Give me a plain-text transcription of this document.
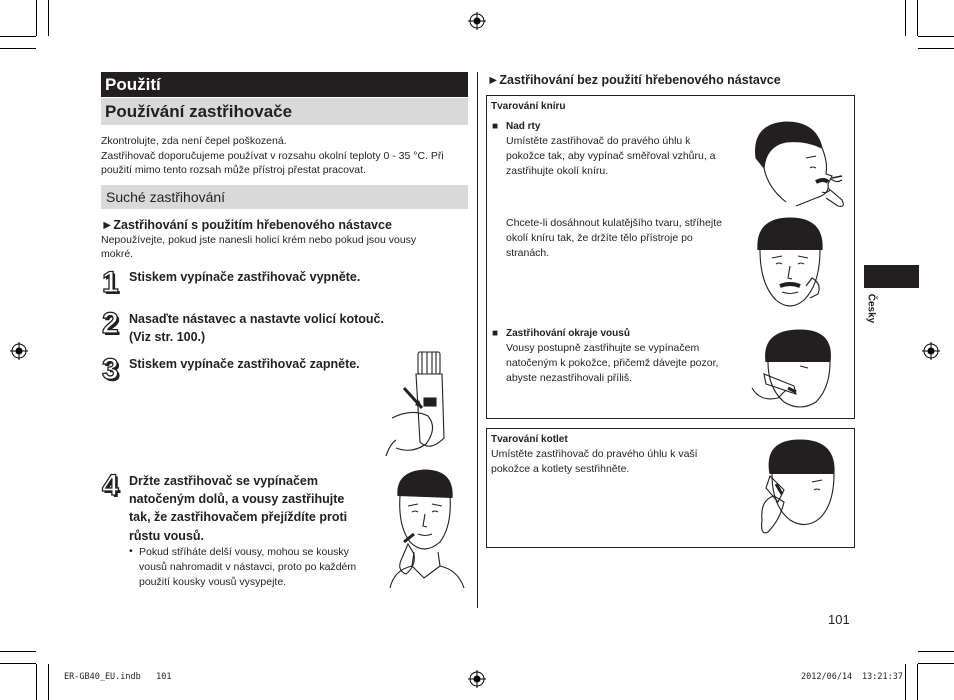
Použití
Používání zastřihovače
Zkontrolujte, zda není čepel poškozená.
Zastřihovač doporučujeme používat v rozsahu okolní teploty 0 - 35 °C. Při
použití mimo tento rozsah může přístroj přestat pracovat.
Suché zastřihování
►Zastřihování s použitím hřebenového nástavce
Nepoužívejte, pokud jste nanesli holicí krém nebo pokud jsou vousy
mokré.
1 Stiskem vypínače zastřihovač vypněte.
2 Nasaďte nástavec a nastavte volicí kotouč.
(Viz str. 100.)
3 Stiskem vypínače zastřihovač zapněte.
4 Držte zastřihovač se vypínačem
natočeným dolů, a vousy zastřihujte
tak, že zastřihovačem přejíždíte proti
růstu vousů.
• Pokud stříháte delší vousy, mohou se kousky
vousů nahromadit v nástavci, proto po každém
použití kousky vousů vysypejte.
►Zastřihování bez použití hřebenového nástavce
Tvarování kníru
■ Nad rty
Umístěte zastřihovač do pravého úhlu k
pokožce tak, aby vypínač směřoval vzhůru, a
zastřihujte okolí kníru.
Chcete-li dosáhnout kulatějšího tvaru, stříhejte
okolí kníru tak, že držíte tělo přístroje po
stranách.
■ Zastřihování okraje vousů
Vousy postupně zastřihujte se vypínačem
natočeným k pokožce, přičemž dávejte pozor,
abyste nezastřihovali příliš.
Tvarování kotlet
Umístěte zastřihovač do pravého úhlu k vaší
pokožce a kotlety sestřihněte.
Česky
101
ER-GB40_EU.indb   101	2012/06/14 13:21:37
